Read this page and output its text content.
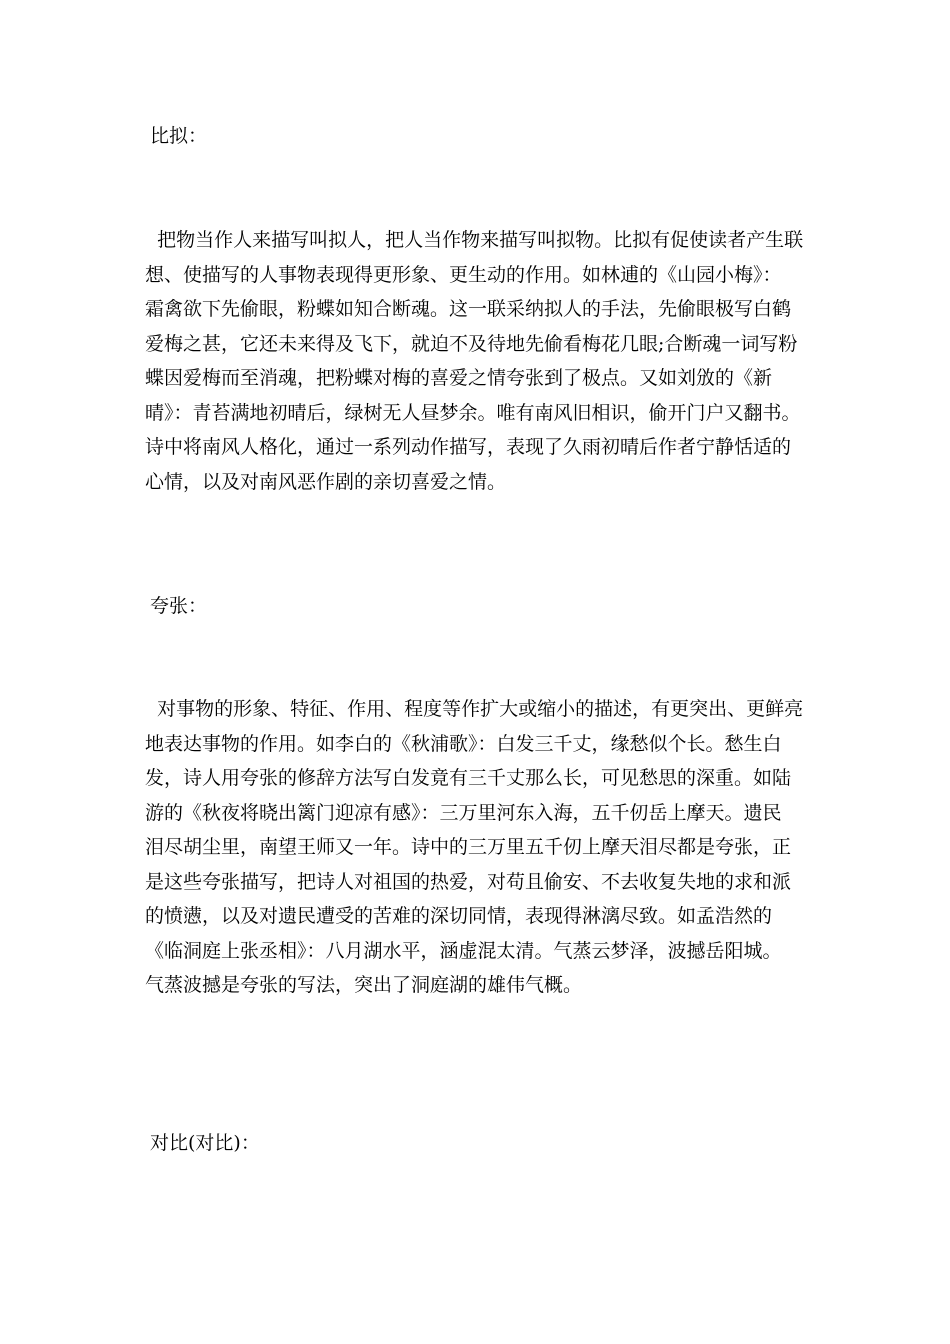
比拟：
把物当作人来描写叫拟人，把人当作物来描写叫拟物。比拟有促使读者产生联
想、使描写的人事物表现得更形象、更生动的作用。如林逋的《山园小梅》：
霜禽欲下先偷眼，粉蝶如知合断魂。这一联采纳拟人的手法，先偷眼极写白鹤
爱梅之甚，它还未来得及飞下，就迫不及待地先偷看梅花几眼;合断魂一词写粉
蝶因爱梅而至消魂，把粉蝶对梅的喜爱之情夸张到了极点。又如刘攽的《新
晴》：青苔满地初晴后，绿树无人昼梦余。唯有南风旧相识，偷开门户又翻书。
诗中将南风人格化，通过一系列动作描写，表现了久雨初晴后作者宁静恬适的
心情，以及对南风恶作剧的亲切喜爱之情。
夸张：
对事物的形象、特征、作用、程度等作扩大或缩小的描述，有更突出、更鲜亮
地表达事物的作用。如李白的《秋浦歌》：白发三千丈，缘愁似个长。愁生白
发，诗人用夸张的修辞方法写白发竟有三千丈那么长，可见愁思的深重。如陆
游的《秋夜将晓出篱门迎凉有感》：三万里河东入海，五千仞岳上摩天。遗民
泪尽胡尘里，南望王师又一年。诗中的三万里五千仞上摩天泪尽都是夸张，正
是这些夸张描写，把诗人对祖国的热爱，对苟且偷安、不去收复失地的求和派
的愤懑，以及对遗民遭受的苦难的深切同情，表现得淋漓尽致。如孟浩然的
《临洞庭上张丞相》：八月湖水平，涵虚混太清。气蒸云梦泽，波撼岳阳城。
气蒸波撼是夸张的写法，突出了洞庭湖的雄伟气概。
对比(对比)：
